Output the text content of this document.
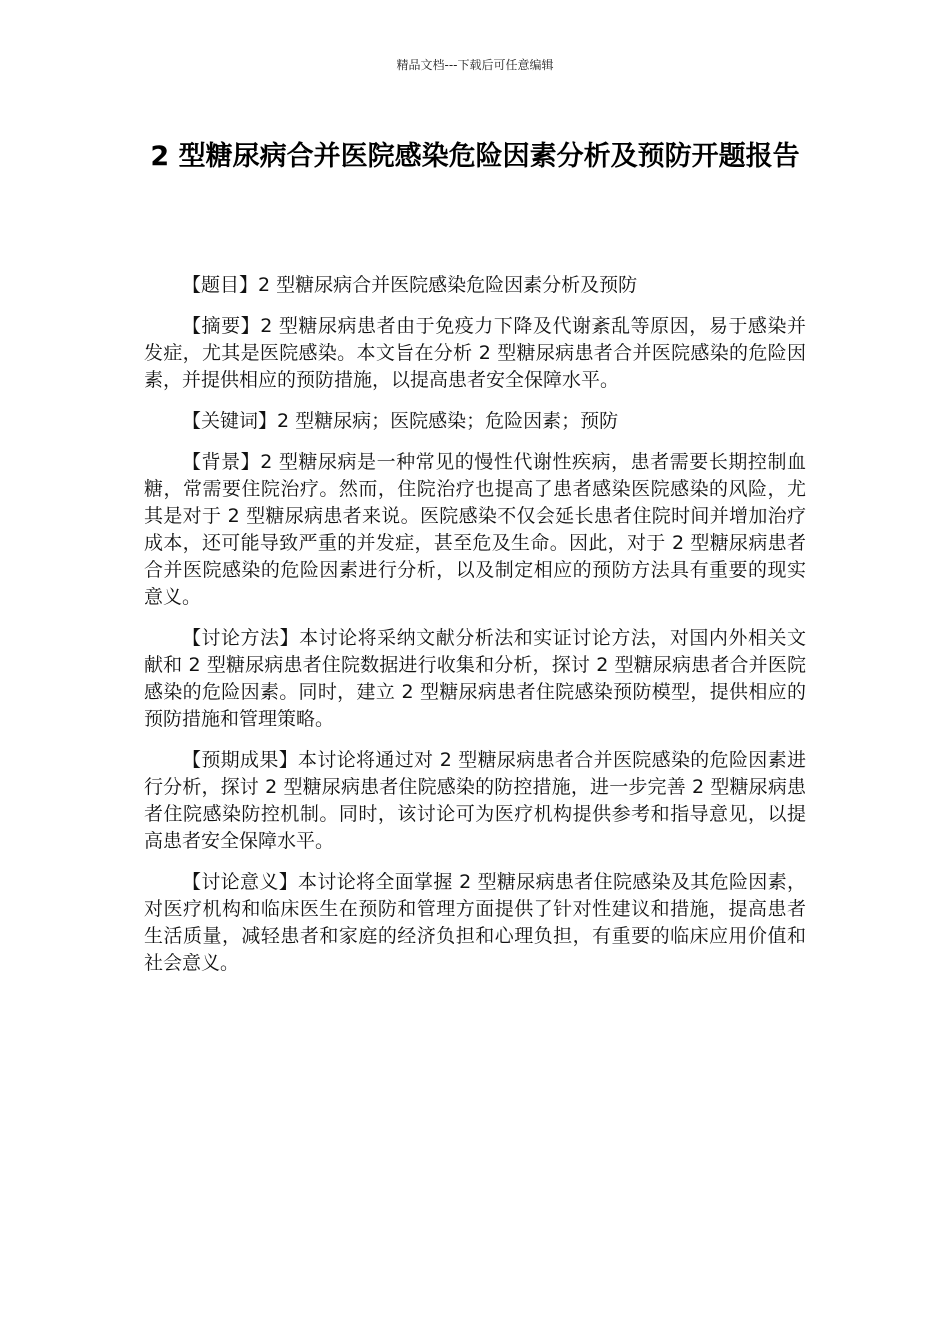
精品文档---下载后可任意编辑
2 型糖尿病合并医院感染危险因素分析及预防开题报告

【题目】2 型糖尿病合并医院感染危险因素分析及预防

【摘要】2 型糖尿病患者由于免疫力下降及代谢紊乱等原因，易于感染并发症，尤其是医院感染。本文旨在分析 2 型糖尿病患者合并医院感染的危险因素，并提供相应的预防措施，以提高患者安全保障水平。

【关键词】2 型糖尿病；医院感染；危险因素；预防

【背景】2 型糖尿病是一种常见的慢性代谢性疾病，患者需要长期控制血糖，常需要住院治疗。然而，住院治疗也提高了患者感染医院感染的风险，尤其是对于 2 型糖尿病患者来说。医院感染不仅会延长患者住院时间并增加治疗成本，还可能导致严重的并发症，甚至危及生命。因此，对于 2 型糖尿病患者合并医院感染的危险因素进行分析，以及制定相应的预防方法具有重要的现实意义。

【讨论方法】本讨论将采纳文献分析法和实证讨论方法，对国内外相关文献和 2 型糖尿病患者住院数据进行收集和分析，探讨 2 型糖尿病患者合并医院感染的危险因素。同时，建立 2 型糖尿病患者住院感染预防模型，提供相应的预防措施和管理策略。

【预期成果】本讨论将通过对 2 型糖尿病患者合并医院感染的危险因素进行分析，探讨 2 型糖尿病患者住院感染的防控措施，进一步完善 2 型糖尿病患者住院感染防控机制。同时，该讨论可为医疗机构提供参考和指导意见，以提高患者安全保障水平。

【讨论意义】本讨论将全面掌握 2 型糖尿病患者住院感染及其危险因素，对医疗机构和临床医生在预防和管理方面提供了针对性建议和措施，提高患者生活质量，减轻患者和家庭的经济负担和心理负担，有重要的临床应用价值和社会意义。
